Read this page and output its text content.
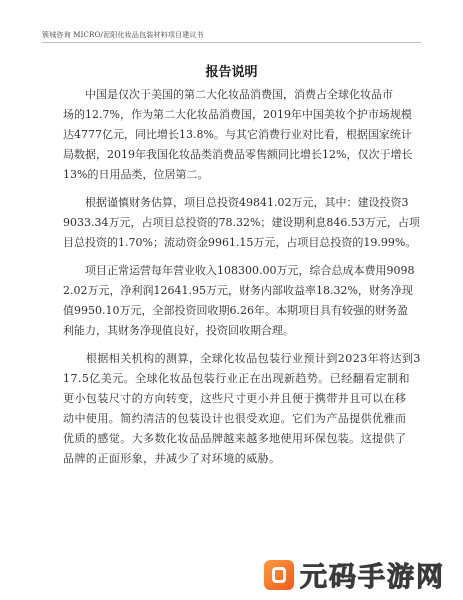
簇城咨询 MICRO/泥阳化妆品包装材料项目建议书
报告说明
　　中国是仅次于美国的第二大化妆品消费国，消费占全球化妆品市
场的12.7%，作为第二大化妆品消费国，2019年中国美妆个护市场规模
达4777亿元，同比增长13.8%。与其它消费行业对比看，根据国家统计
局数据，2019年我国化妆品类消费品零售额同比增长12%，仅次于增长
13%的日用品类，位居第二。
　　根据谨慎财务估算，项目总投资49841.02万元，其中：建设投资3
9033.34万元，占项目总投资的78.32%；建设期利息846.53万元，占项
目总投资的1.70%；流动资金9961.15万元，占项目总投资的19.99%。
　　项目正常运营每年营业收入108300.00万元，综合总成本费用9098
2.02万元，净利润12641.95万元，财务内部收益率18.32%，财务净现
值9950.10万元，全部投资回收期6.26年。本期项目具有较强的财务盈
利能力，其财务净现值良好，投资回收期合理。
　　根据相关机构的测算，全球化妆品包装行业预计到2023年将达到3
17.5亿美元。全球化妆品包装行业正在出现新趋势。已经翻看定制和
更小包装尺寸的方向转变，这些尺寸更小并且便于携带并且可以在移
动中使用。简约清洁的包装设计也很受欢迎。它们为产品提供优雅而
优质的感觉。大多数化妆品品牌越来越多地使用环保包装。这提供了
品牌的正面形象，并减少了对环境的威胁。
元码手游网
